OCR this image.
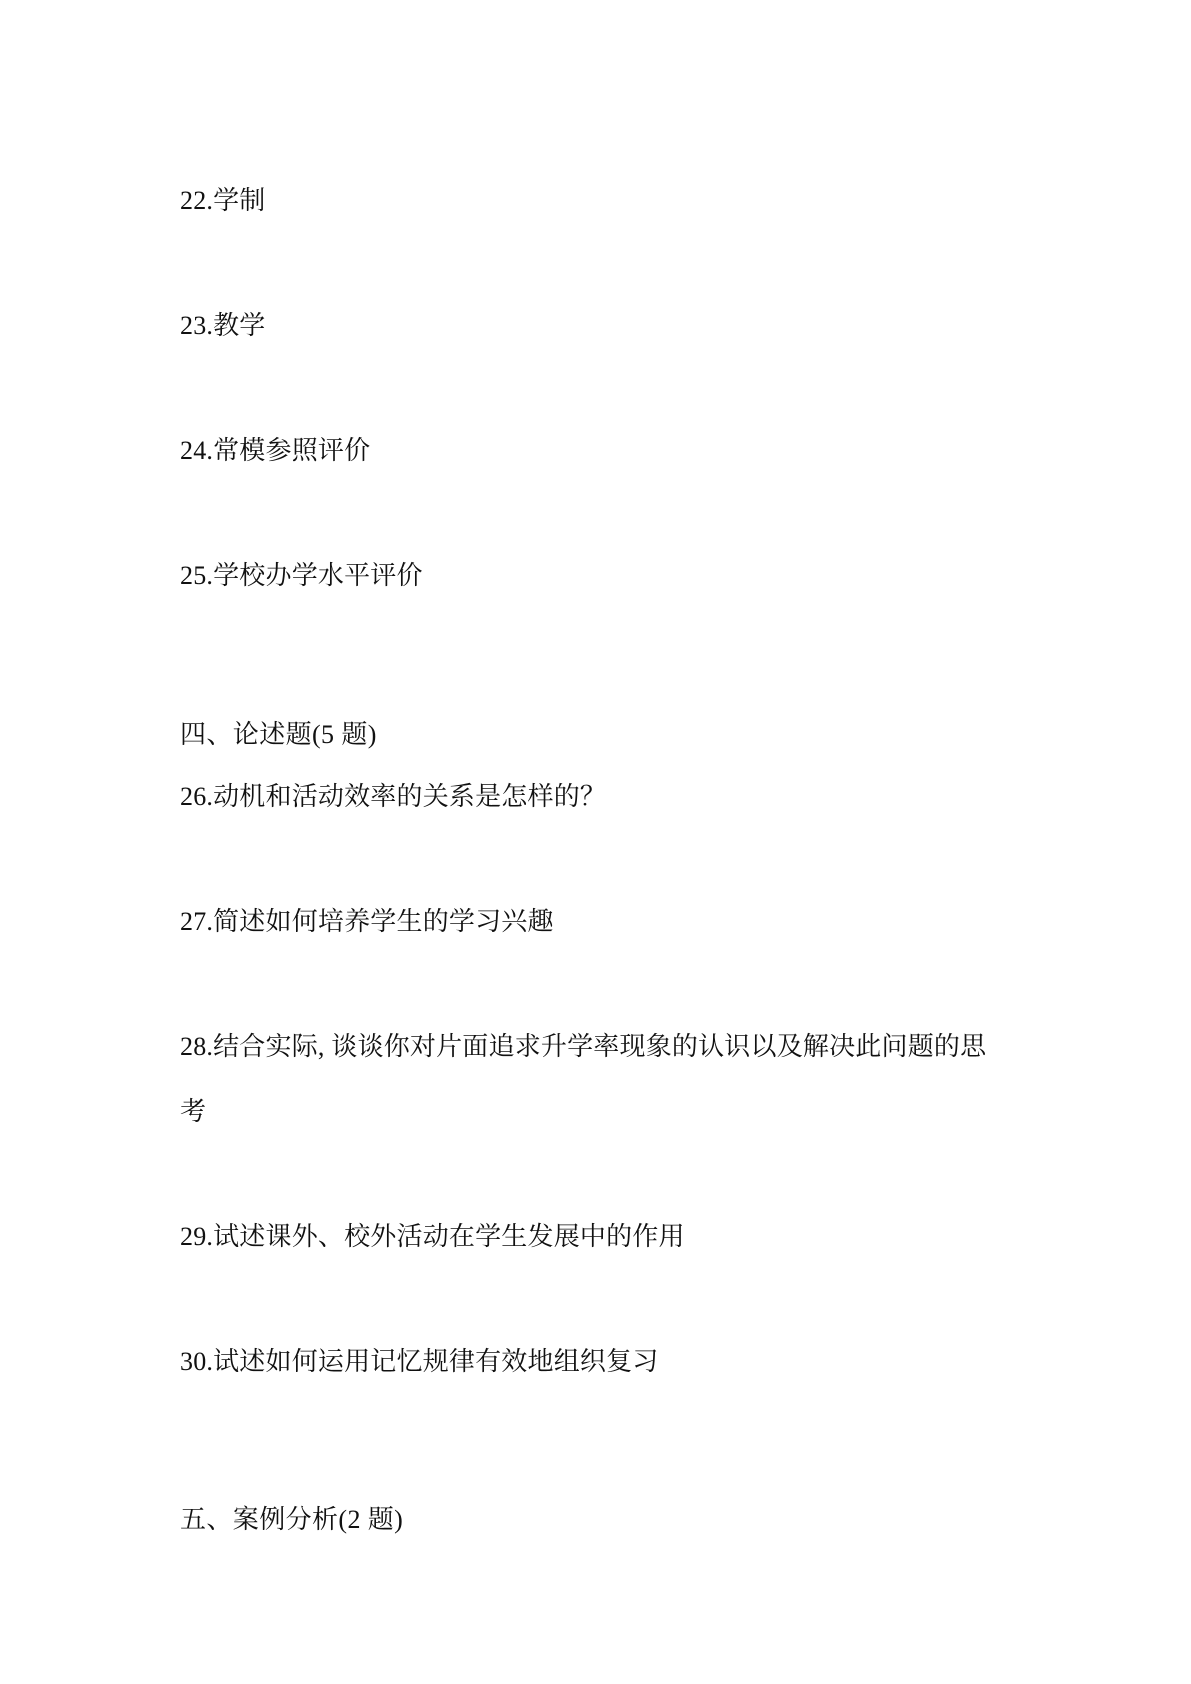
22.学制
23.教学
24.常模参照评价
25.学校办学水平评价
四、论述题(5 题)
26.动机和活动效率的关系是怎样的？
27.简述如何培养学生的学习兴趣
28.结合实际, 谈谈你对片面追求升学率现象的认识以及解决此问题的思
考
29.试述课外、校外活动在学生发展中的作用
30.试述如何运用记忆规律有效地组织复习
五、案例分析(2 题)
